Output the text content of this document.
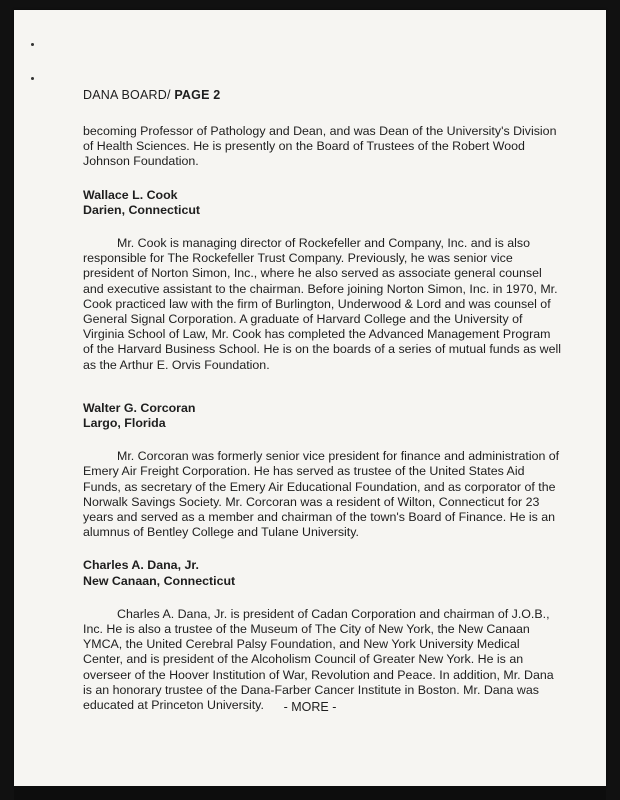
DANA BOARD/ PAGE 2

becoming Professor of Pathology and Dean, and was Dean of the University's Division of Health Sciences. He is presently on the Board of Trustees of the Robert Wood Johnson Foundation.

Wallace L. Cook
Darien, Connecticut

Mr. Cook is managing director of Rockefeller and Company, Inc. and is also responsible for The Rockefeller Trust Company. Previously, he was senior vice president of Norton Simon, Inc., where he also served as associate general counsel and executive assistant to the chairman. Before joining Norton Simon, Inc. in 1970, Mr. Cook practiced law with the firm of Burlington, Underwood & Lord and was counsel of General Signal Corporation. A graduate of Harvard College and the University of Virginia School of Law, Mr. Cook has completed the Advanced Management Program of the Harvard Business School. He is on the boards of a series of mutual funds as well as the Arthur E. Orvis Foundation.

Walter G. Corcoran
Largo, Florida

Mr. Corcoran was formerly senior vice president for finance and administration of Emery Air Freight Corporation. He has served as trustee of the United States Aid Funds, as secretary of the Emery Air Educational Foundation, and as corporator of the Norwalk Savings Society. Mr. Corcoran was a resident of Wilton, Connecticut for 23 years and served as a member and chairman of the town's Board of Finance. He is an alumnus of Bentley College and Tulane University.

Charles A. Dana, Jr.
New Canaan, Connecticut

Charles A. Dana, Jr. is president of Cadan Corporation and chairman of J.O.B., Inc. He is also a trustee of the Museum of The City of New York, the New Canaan YMCA, the United Cerebral Palsy Foundation, and New York University Medical Center, and is president of the Alcoholism Council of Greater New York. He is an overseer of the Hoover Institution of War, Revolution and Peace. In addition, Mr. Dana is an honorary trustee of the Dana-Farber Cancer Institute in Boston. Mr. Dana was educated at Princeton University.	- MORE -
